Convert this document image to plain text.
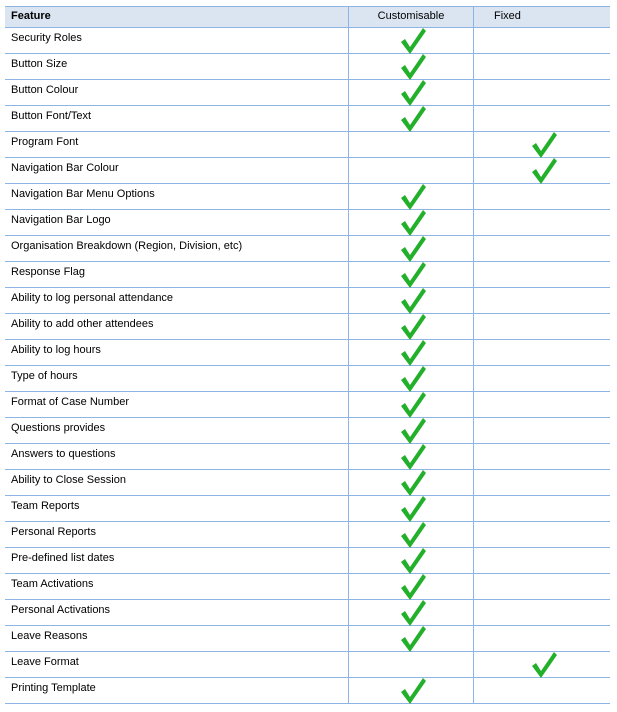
Feature	Customisable	Fixed
Security Roles
Button Size
Button Colour
Button Font/Text
Program Font
Navigation Bar Colour
Navigation Bar Menu Options
Navigation Bar Logo
Organisation Breakdown (Region, Division, etc)
Response Flag
Ability to log personal attendance
Ability to add other attendees
Ability to log hours
Type of hours
Format of Case Number
Questions provides
Answers to questions
Ability to Close Session
Team Reports
Personal Reports
Pre-defined list dates
Team Activations
Personal Activations
Leave Reasons
Leave Format
Printing Template
